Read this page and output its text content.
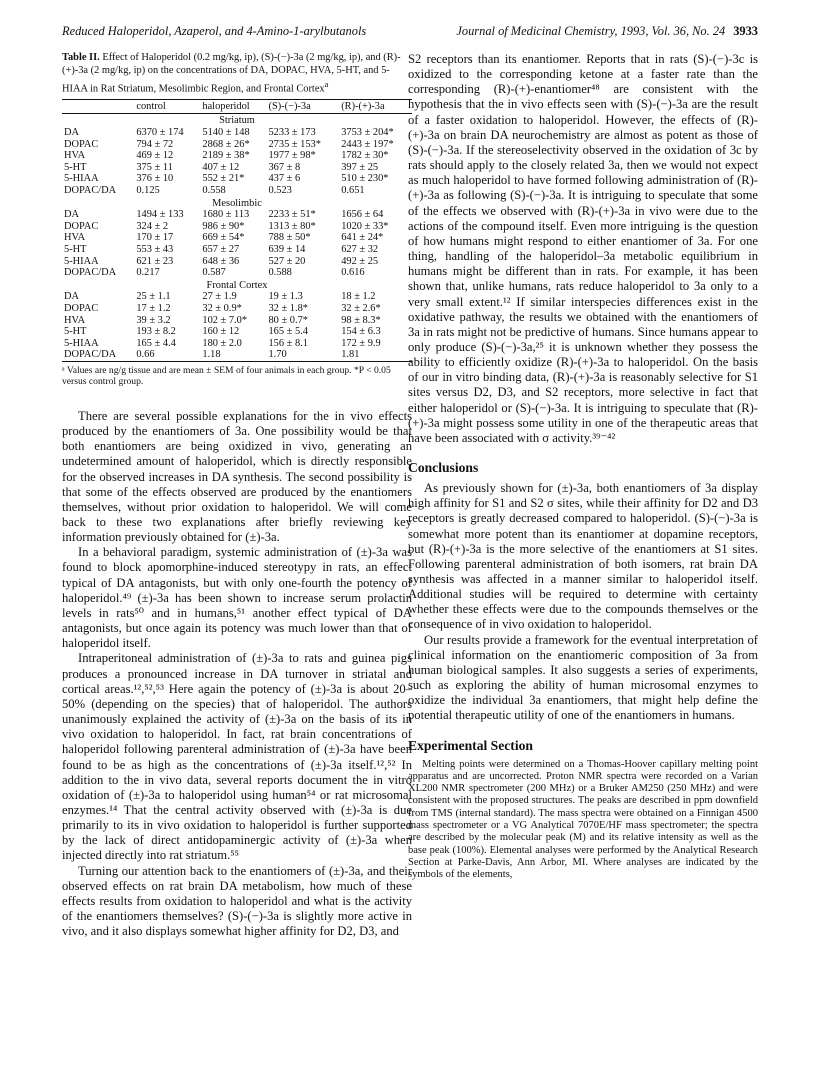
Reduced Haloperidol, Azaperol, and 4-Amino-1-arylbutanols	Journal of Medicinal Chemistry, 1993, Vol. 36, No. 24 3933
Table II. Effect of Haloperidol (0.2 mg/kg, ip), (S)-(−)-3a (2 mg/kg, ip), and (R)-(+)-3a (2 mg/kg, ip) on the concentrations of DA, DOPAC, HVA, 5-HT, and 5-HIAA in Rat Striatum, Mesolimbic Region, and Frontal Cortex$^a$
	control	haloperidol	(S)-(−)-3a	(R)-(+)-3a
Striatum				
DA	6370 ± 174	5140 ± 148	5233 ± 173	3753 ± 204*
DOPAC	794 ± 72	2868 ± 26*	2735 ± 153*	2443 ± 197*
HVA	469 ± 12	2189 ± 38*	1977 ± 98*	1782 ± 30*
5-HT	375 ± 11	407 ± 12	367 ± 8	397 ± 25
5-HIAA	376 ± 10	552 ± 21*	437 ± 6	510 ± 230*
DOPAC/DA	0.125	0.558	0.523	0.651
Mesolimbic				
DA	1494 ± 133	1680 ± 113	2233 ± 51*	1656 ± 64
DOPAC	324 ± 2	986 ± 90*	1313 ± 80*	1020 ± 33*
HVA	170 ± 17	669 ± 54*	788 ± 50*	641 ± 24*
5-HT	553 ± 43	657 ± 27	639 ± 14	627 ± 32
5-HIAA	621 ± 23	648 ± 36	527 ± 20	492 ± 25
DOPAC/DA	0.217	0.587	0.588	0.616
Frontal Cortex				
DA	25 ± 1.1	27 ± 1.9	19 ± 1.3	18 ± 1.2
DOPAC	17 ± 1.2	32 ± 0.9*	32 ± 1.8*	32 ± 2.6*
HVA	39 ± 3.2	102 ± 7.0*	80 ± 0.7*	98 ± 8.3*
5-HT	193 ± 8.2	160 ± 12	165 ± 5.4	154 ± 6.3
5-HIAA	165 ± 4.4	180 ± 2.0	156 ± 8.1	172 ± 9.9
DOPAC/DA	0.66	1.18	1.70	1.81
ᵃ Values are ng/g tissue and are mean ± SEM of four animals in each group. *P < 0.05 versus control group.

There are several possible explanations for the in vivo effects produced by the enantiomers of 3a. One possibility would be that both enantiomers are being oxidized in vivo, generating an undetermined amount of haloperidol, which is directly responsible for the observed increases in DA synthesis. The second possibility is that some of the effects observed are produced by the enantiomers themselves, without prior oxidation to haloperidol. We will come back to these two explanations after briefly reviewing key information previously obtained for (±)-3a.

In a behavioral paradigm, systemic administration of (±)-3a was found to block apomorphine-induced stereotypy in rats, an effect typical of DA antagonists, but with only one-fourth the potency of haloperidol.⁴⁹ (±)-3a has been shown to increase serum prolactin levels in rats⁵⁰ and in humans,⁵¹ another effect typical of DA antagonists, but once again its potency was much lower than that of haloperidol itself.

Intraperitoneal administration of (±)-3a to rats and guinea pigs produces a pronounced increase in DA turnover in striatal and cortical areas.¹²,⁵²,⁵³ Here again the potency of (±)-3a is about 20–50% (depending on the species) that of haloperidol. The authors unanimously explained the activity of (±)-3a on the basis of its in vivo oxidation to haloperidol. In fact, rat brain concentrations of haloperidol following parenteral administration of (±)-3a have been found to be as high as the concentrations of (±)-3a itself.¹²,⁵² In addition to the in vivo data, several reports document the in vitro oxidation of (±)-3a to haloperidol using human⁵⁴ or rat microsomal enzymes.¹⁴ That the central activity observed with (±)-3a is due primarily to its in vivo oxidation to haloperidol is further supported by the lack of direct antidopaminergic activity of (±)-3a when injected directly into rat striatum.⁵⁵

Turning our attention back to the enantiomers of (±)-3a, and their observed effects on rat brain DA metabolism, how much of these effects results from oxidation to haloperidol and what is the activity of the enantiomers themselves? (S)-(−)-3a is slightly more active in vivo, and it also displays somewhat higher affinity for D2, D3, and

S2 receptors than its enantiomer. Reports that in rats (S)-(−)-3c is oxidized to the corresponding ketone at a faster rate than the corresponding (R)-(+)-enantiomer⁴⁸ are consistent with the hypothesis that the in vivo effects seen with (S)-(−)-3a are the result of a faster oxidation to haloperidol. However, the effects of (R)-(+)-3a on brain DA neurochemistry are almost as potent as those of (S)-(−)-3a. If the stereoselectivity observed in the oxidation of 3c by rats should apply to the closely related 3a, then we would not expect as much haloperidol to have formed following administration of (R)-(+)-3a as following (S)-(−)-3a. It is intriguing to speculate that some of the effects we observed with (R)-(+)-3a in vivo were due to the actions of the compound itself. Even more intriguing is the question of how humans might respond to either enantiomer of 3a. For one thing, handling of the haloperidol–3a metabolic equilibrium in humans might be different than in rats. For example, it has been shown that, unlike humans, rats reduce haloperidol to 3a only to a very small extent.¹² If similar interspecies differences exist in the oxidative pathway, the results we obtained with the enantiomers of 3a in rats might not be predictive of humans. Since humans appear to only produce (S)-(−)-3a,²⁵ it is unknown whether they possess the ability to efficiently oxidize (R)-(+)-3a to haloperidol. On the basis of our in vitro binding data, (R)-(+)-3a is reasonably selective for S1 sites versus D2, D3, and S2 receptors, more selective in fact that either haloperidol or (S)-(−)-3a. It is intriguing to speculate that (R)-(+)-3a might possess some utility in one of the therapeutic areas that have been associated with σ activity.³⁹⁻⁴²

Conclusions

As previously shown for (±)-3a, both enantiomers of 3a display high affinity for S1 and S2 σ sites, while their affinity for D2 and D3 receptors is greatly decreased compared to haloperidol. (S)-(−)-3a is somewhat more potent than its enantiomer at dopamine receptors, but (R)-(+)-3a is the more selective of the enantiomers at S1 sites. Following parenteral administration of both isomers, rat brain DA synthesis was affected in a manner similar to haloperidol itself. Additional studies will be required to determine with certainty whether these effects were due to the compounds themselves or the consequence of in vivo oxidation to haloperidol.

Our results provide a framework for the eventual interpretation of clinical information on the enantiomeric composition of 3a from human biological samples. It also suggests a series of experiments, such as exploring the ability of human microsomal enzymes to oxidize the individual 3a enantiomers, that might help define the potential therapeutic utility of one of the enantiomers in humans.

Experimental Section

Melting points were determined on a Thomas-Hoover capillary melting point apparatus and are uncorrected. Proton NMR spectra were recorded on a Varian XL200 NMR spectrometer (200 MHz) or a Bruker AM250 (250 MHz) and were consistent with the proposed structures. The peaks are described in ppm downfield from TMS (internal standard). The mass spectra were obtained on a Finnigan 4500 mass spectrometer or a VG Analytical 7070E/HF mass spectrometer; the spectra are described by the molecular peak (M) and its relative intensity as well as the base peak (100%). Elemental analyses were performed by the Analytical Research Section at Parke-Davis, Ann Arbor, MI. Where analyses are indicated by the symbols of the elements,
